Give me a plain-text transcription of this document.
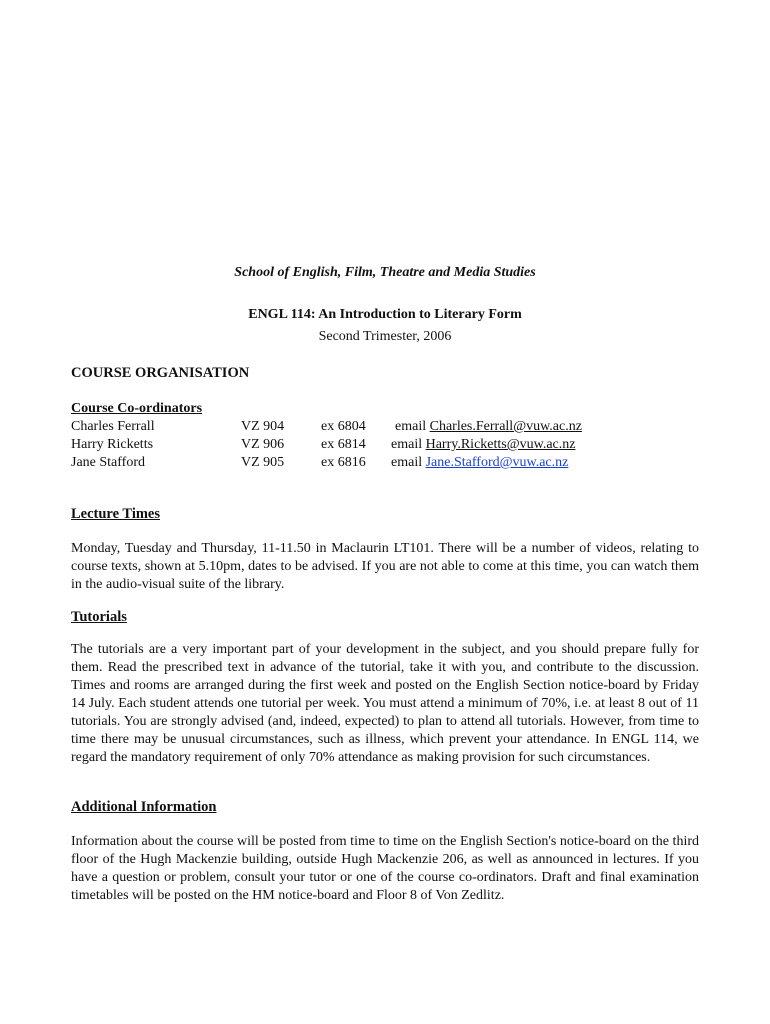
School of English, Film, Theatre and Media Studies
ENGL 114: An Introduction to Literary Form
Second Trimester, 2006
COURSE ORGANISATION
Course Co-ordinators
Charles Ferrall	VZ 904	ex 6804 email Charles.Ferrall@vuw.ac.nz
Harry Ricketts	VZ 906	ex 6814 email Harry.Ricketts@vuw.ac.nz
Jane Stafford	VZ 905	ex 6816 email Jane.Stafford@vuw.ac.nz
Lecture Times
Monday, Tuesday and Thursday, 11-11.50 in Maclaurin LT101. There will be a number of videos, relating to course texts, shown at 5.10pm, dates to be advised. If you are not able to come at this time, you can watch them in the audio-visual suite of the library.
Tutorials
The tutorials are a very important part of your development in the subject, and you should prepare fully for them. Read the prescribed text in advance of the tutorial, take it with you, and contribute to the discussion. Times and rooms are arranged during the first week and posted on the English Section notice-board by Friday 14 July. Each student attends one tutorial per week. You must attend a minimum of 70%, i.e. at least 8 out of 11 tutorials. You are strongly advised (and, indeed, expected) to plan to attend all tutorials. However, from time to time there may be unusual circumstances, such as illness, which prevent your attendance. In ENGL 114, we regard the mandatory requirement of only 70% attendance as making provision for such circumstances.
Additional Information
Information about the course will be posted from time to time on the English Section's notice-board on the third floor of the Hugh Mackenzie building, outside Hugh Mackenzie 206, as well as announced in lectures. If you have a question or problem, consult your tutor or one of the course co-ordinators. Draft and final examination timetables will be posted on the HM notice-board and Floor 8 of Von Zedlitz.
